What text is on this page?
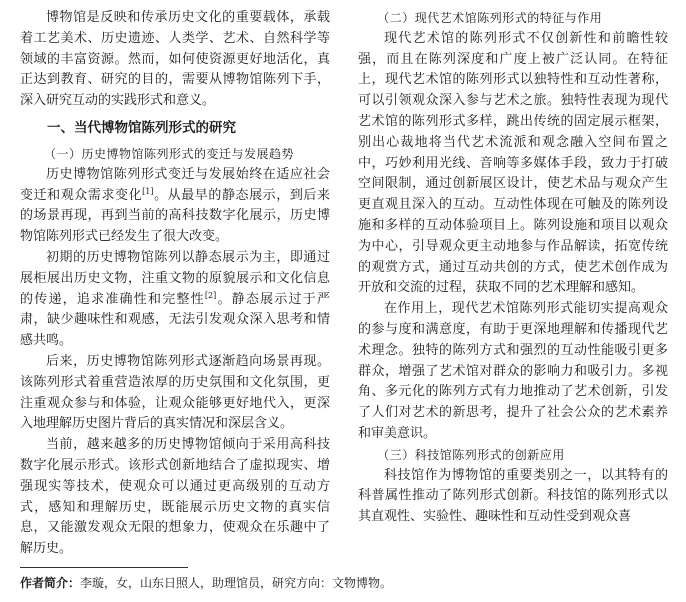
博物馆是反映和传承历史文化的重要载体，承载着工艺美术、历史遗迹、人类学、艺术、自然科学等领域的丰富资源。然而，如何使资源更好地活化，真正达到教育、研究的目的，需要从博物馆陈列下手，深入研究互动的实践形式和意义。

一、当代博物馆陈列形式的研究
（一）历史博物馆陈列形式的变迁与发展趋势

历史博物馆陈列形式变迁与发展始终在适应社会变迁和观众需求变化[1]。从最早的静态展示，到后来的场景再现，再到当前的高科技数字化展示，历史博物馆陈列形式已经发生了很大改变。

初期的历史博物馆陈列以静态展示为主，即通过展柜展出历史文物，注重文物的原貌展示和文化信息的传递，追求准确性和完整性[2]。静态展示过于严肃，缺少趣味性和观感，无法引发观众深入思考和情感共鸣。

后来，历史博物馆陈列形式逐渐趋向场景再现。该陈列形式着重营造浓厚的历史氛围和文化氛围，更注重观众参与和体验，让观众能够更好地代入，更深入地理解历史图片背后的真实情况和深层含义。

当前，越来越多的历史博物馆倾向于采用高科技数字化展示形式。该形式创新地结合了虚拟现实、增强现实等技术，使观众可以通过更高级别的互动方式，感知和理解历史，既能展示历史文物的真实信息，又能激发观众无限的想象力，使观众在乐趣中了解历史。

（二）现代艺术馆陈列形式的特征与作用

现代艺术馆的陈列形式不仅创新性和前瞻性较强，而且在陈列深度和广度上被广泛认同。在特征上，现代艺术馆的陈列形式以独特性和互动性著称，可以引领观众深入参与艺术之旅。独特性表现为现代艺术馆的陈列形式多样，跳出传统的固定展示框架，别出心裁地将当代艺术流派和观念融入空间布置之中，巧妙利用光线、音响等多媒体手段，致力于打破空间限制，通过创新展区设计，使艺术品与观众产生更直观且深入的互动。互动性体现在可触及的陈列设施和多样的互动体验项目上。陈列设施和项目以观众为中心，引导观众更主动地参与作品解读，拓宽传统的观赏方式，通过互动共创的方式，使艺术创作成为开放和交流的过程，获取不同的艺术理解和感知。

在作用上，现代艺术馆陈列形式能切实提高观众的参与度和满意度，有助于更深地理解和传播现代艺术理念。独特的陈列方式和强烈的互动性能吸引更多群众，增强了艺术馆对群众的影响力和吸引力。多视角、多元化的陈列方式有力地推动了艺术创新，引发了人们对艺术的新思考，提升了社会公众的艺术素养和审美意识。

（三）科技馆陈列形式的创新应用

科技馆作为博物馆的重要类别之一，以其特有的科普属性推动了陈列形式创新。科技馆的陈列形式以其直观性、实验性、趣味性和互动性受到观众喜

作者简介：李璇，女，山东日照人，助理馆员，研究方向：文物博物。
